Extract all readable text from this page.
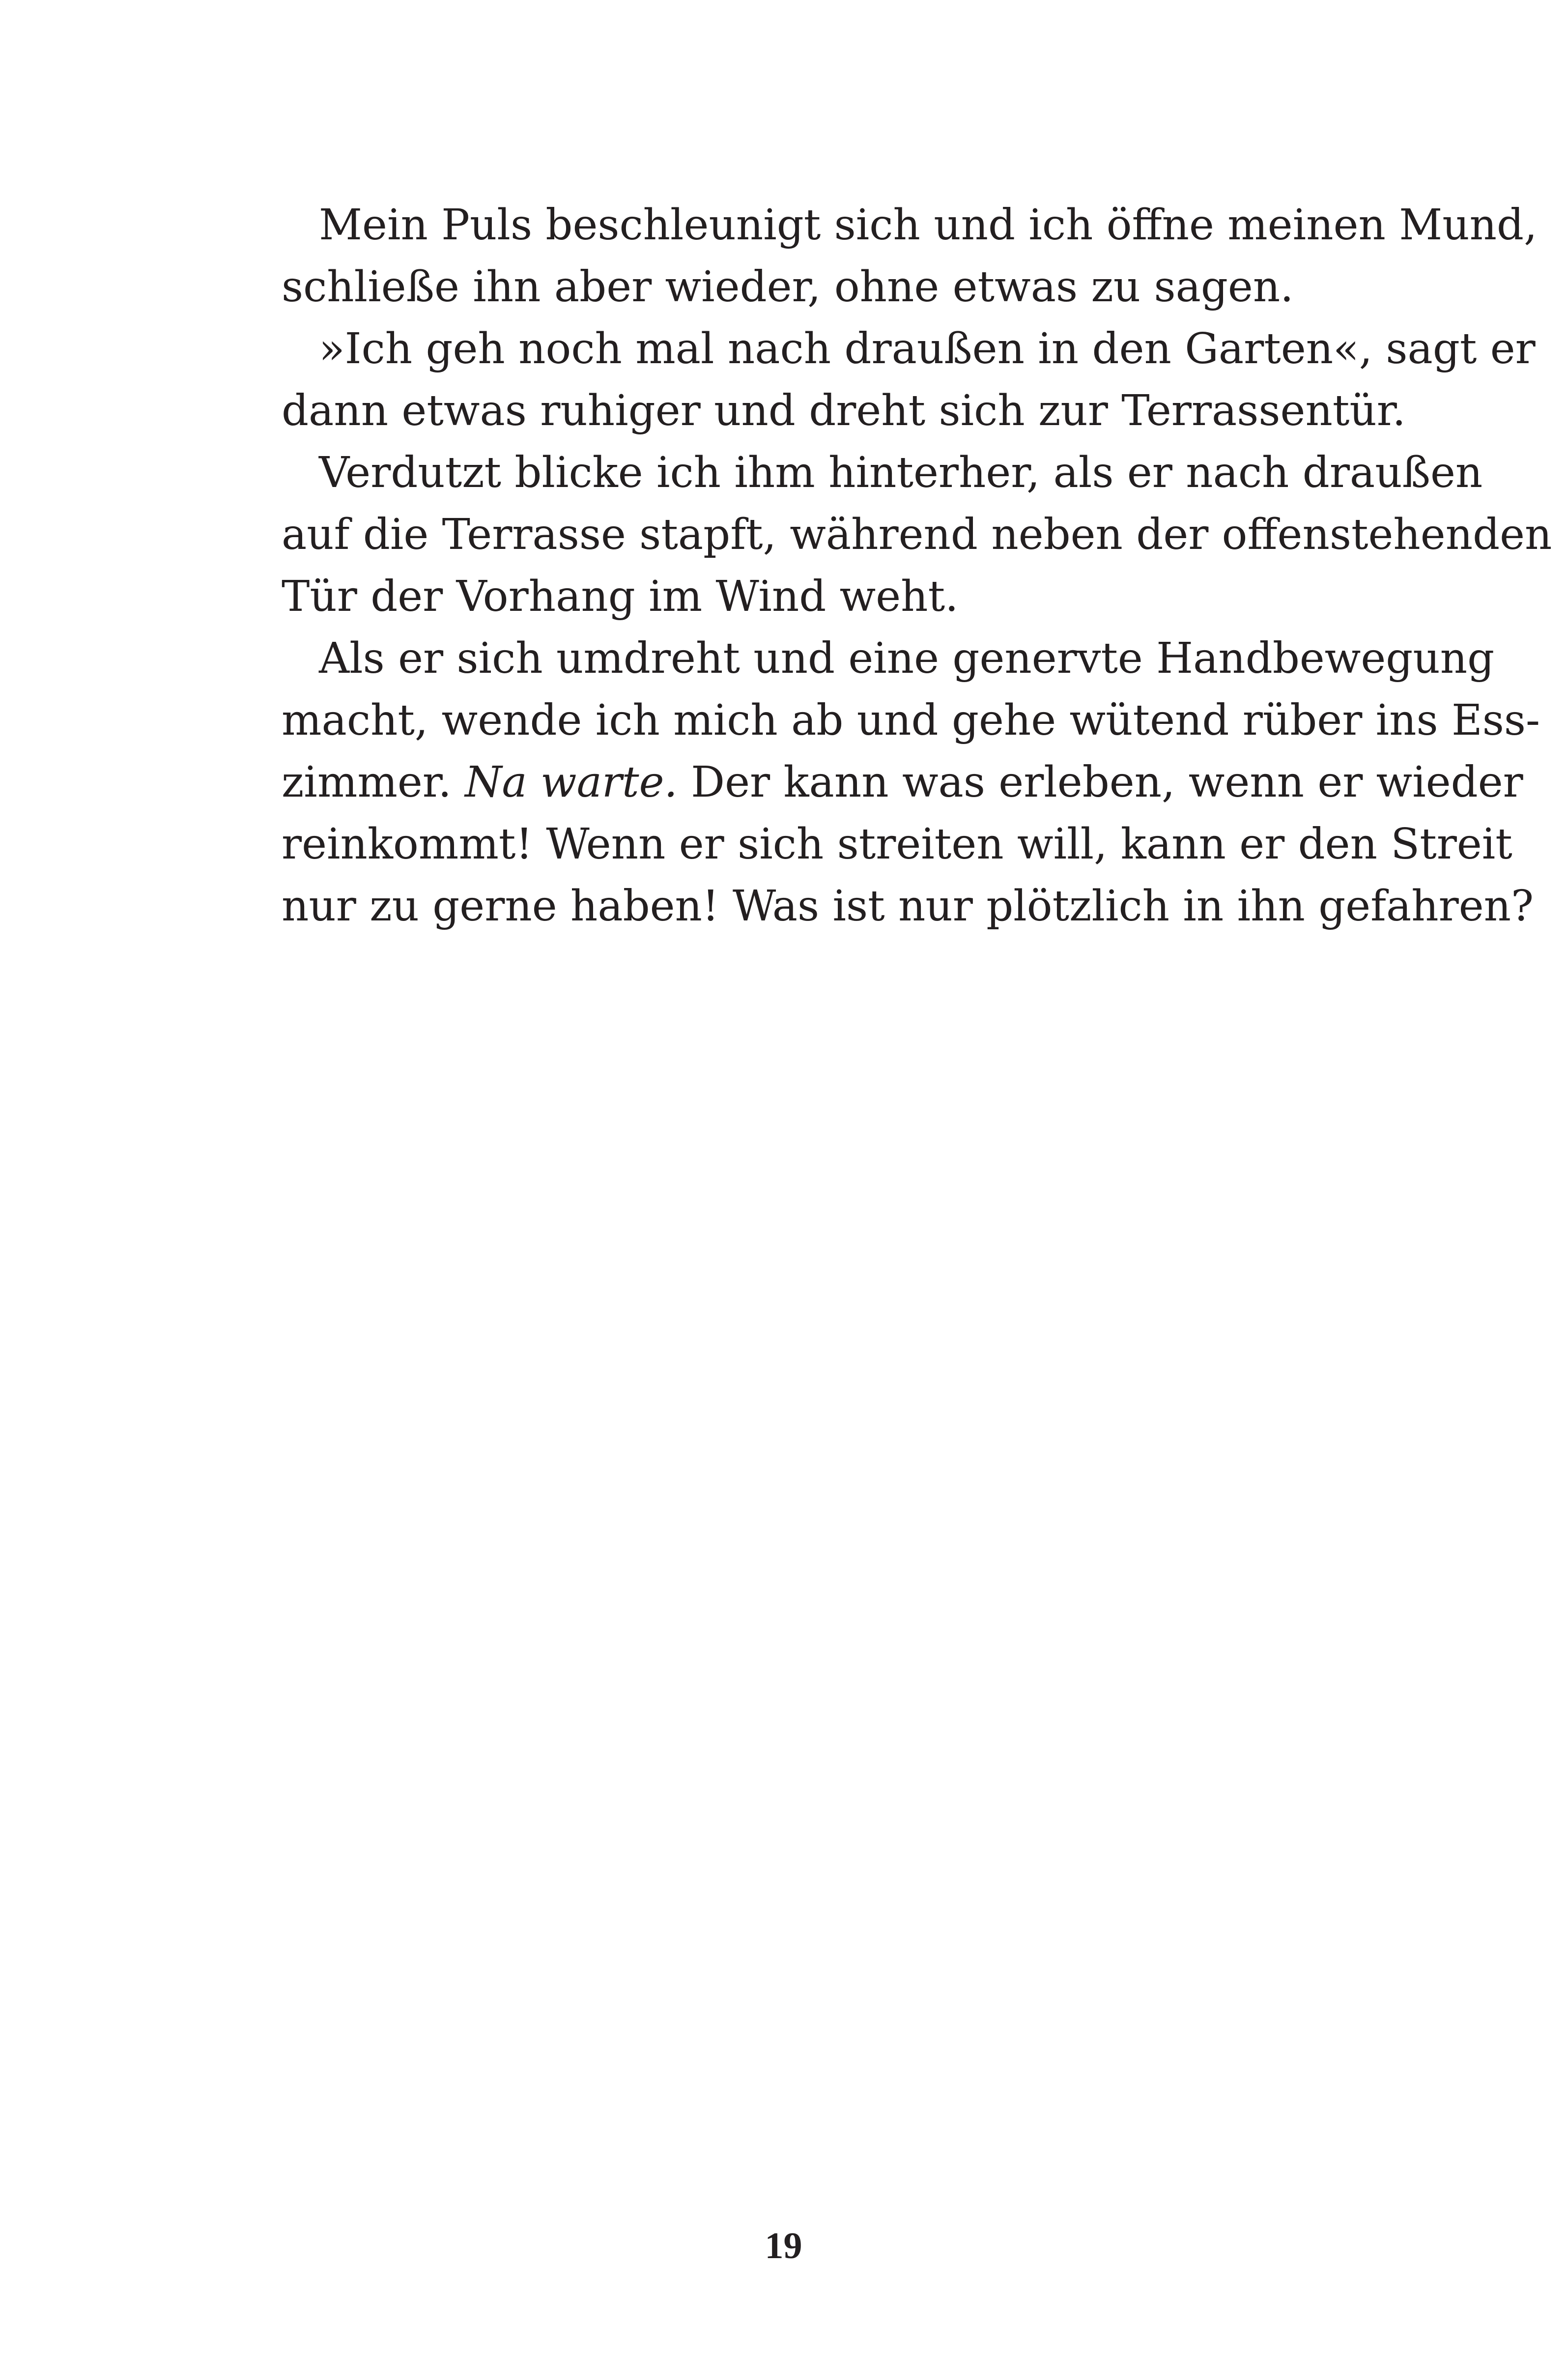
Mein Puls beschleunigt sich und ich öffne meinen Mund,
schließe ihn aber wieder, ohne etwas zu sagen.
»Ich geh noch mal nach draußen in den Garten«, sagt er
dann etwas ruhiger und dreht sich zur Terrassentür.
Verdutzt blicke ich ihm hinterher, als er nach draußen
auf die Terrasse stapft, während neben der offenstehenden
Tür der Vorhang im Wind weht.
Als er sich umdreht und eine genervte Handbewegung
macht, wende ich mich ab und gehe wütend rüber ins Ess-
zimmer. Na warte. Der kann was erleben, wenn er wieder
reinkommt! Wenn er sich streiten will, kann er den Streit
nur zu gerne haben! Was ist nur plötzlich in ihn gefahren?
19
